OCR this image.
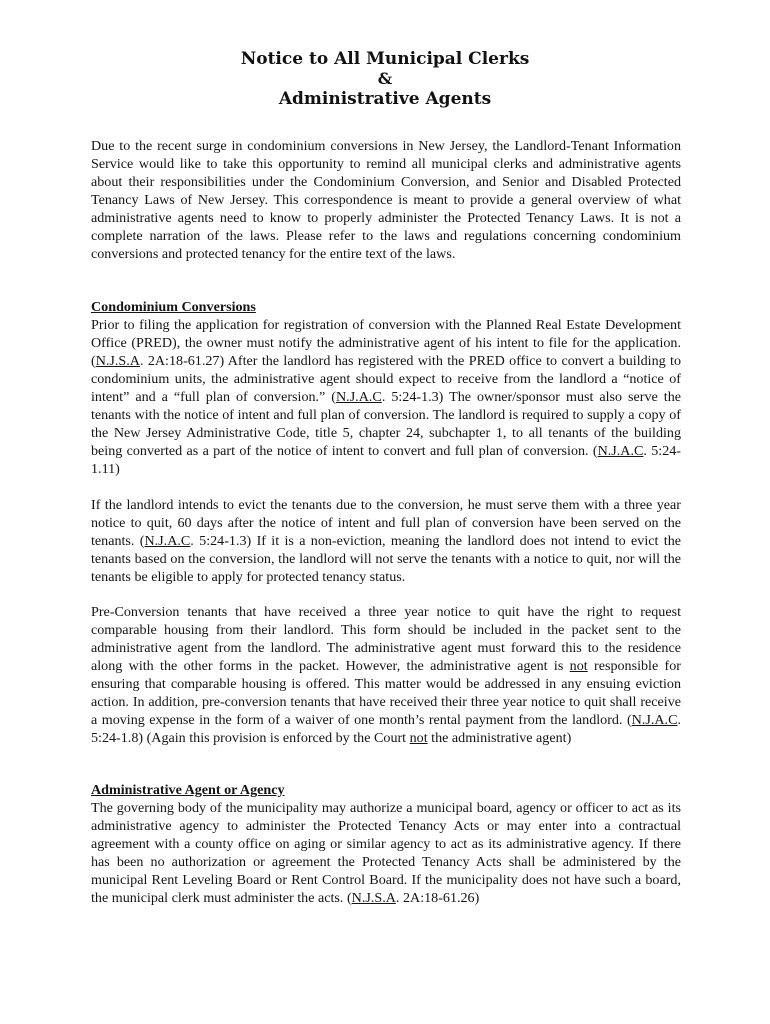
Notice to All Municipal Clerks
&
Administrative Agents

Due to the recent surge in condominium conversions in New Jersey, the Landlord-Tenant Information Service would like to take this opportunity to remind all municipal clerks and administrative agents about their responsibilities under the Condominium Conversion, and Senior and Disabled Protected Tenancy Laws of New Jersey. This correspondence is meant to provide a general overview of what administrative agents need to know to properly administer the Protected Tenancy Laws. It is not a complete narration of the laws. Please refer to the laws and regulations concerning condominium conversions and protected tenancy for the entire text of the laws.

Condominium Conversions

Prior to filing the application for registration of conversion with the Planned Real Estate Development Office (PRED), the owner must notify the administrative agent of his intent to file for the application. (N.J.S.A. 2A:18-61.27) After the landlord has registered with the PRED office to convert a building to condominium units, the administrative agent should expect to receive from the landlord a “notice of intent” and a “full plan of conversion.” (N.J.A.C. 5:24-1.3) The owner/sponsor must also serve the tenants with the notice of intent and full plan of conversion. The landlord is required to supply a copy of the New Jersey Administrative Code, title 5, chapter 24, subchapter 1, to all tenants of the building being converted as a part of the notice of intent to convert and full plan of conversion. (N.J.A.C. 5:24-1.11)

If the landlord intends to evict the tenants due to the conversion, he must serve them with a three year notice to quit, 60 days after the notice of intent and full plan of conversion have been served on the tenants. (N.J.A.C. 5:24-1.3) If it is a non-eviction, meaning the landlord does not intend to evict the tenants based on the conversion, the landlord will not serve the tenants with a notice to quit, nor will the tenants be eligible to apply for protected tenancy status.

Pre-Conversion tenants that have received a three year notice to quit have the right to request comparable housing from their landlord. This form should be included in the packet sent to the administrative agent from the landlord. The administrative agent must forward this to the residence along with the other forms in the packet. However, the administrative agent is not responsible for ensuring that comparable housing is offered. This matter would be addressed in any ensuing eviction action. In addition, pre-conversion tenants that have received their three year notice to quit shall receive a moving expense in the form of a waiver of one month’s rental payment from the landlord. (N.J.A.C. 5:24-1.8) (Again this provision is enforced by the Court not the administrative agent)

Administrative Agent or Agency

The governing body of the municipality may authorize a municipal board, agency or officer to act as its administrative agency to administer the Protected Tenancy Acts or may enter into a contractual agreement with a county office on aging or similar agency to act as its administrative agency. If there has been no authorization or agreement the Protected Tenancy Acts shall be administered by the municipal Rent Leveling Board or Rent Control Board. If the municipality does not have such a board, the municipal clerk must administer the acts. (N.J.S.A. 2A:18-61.26)
